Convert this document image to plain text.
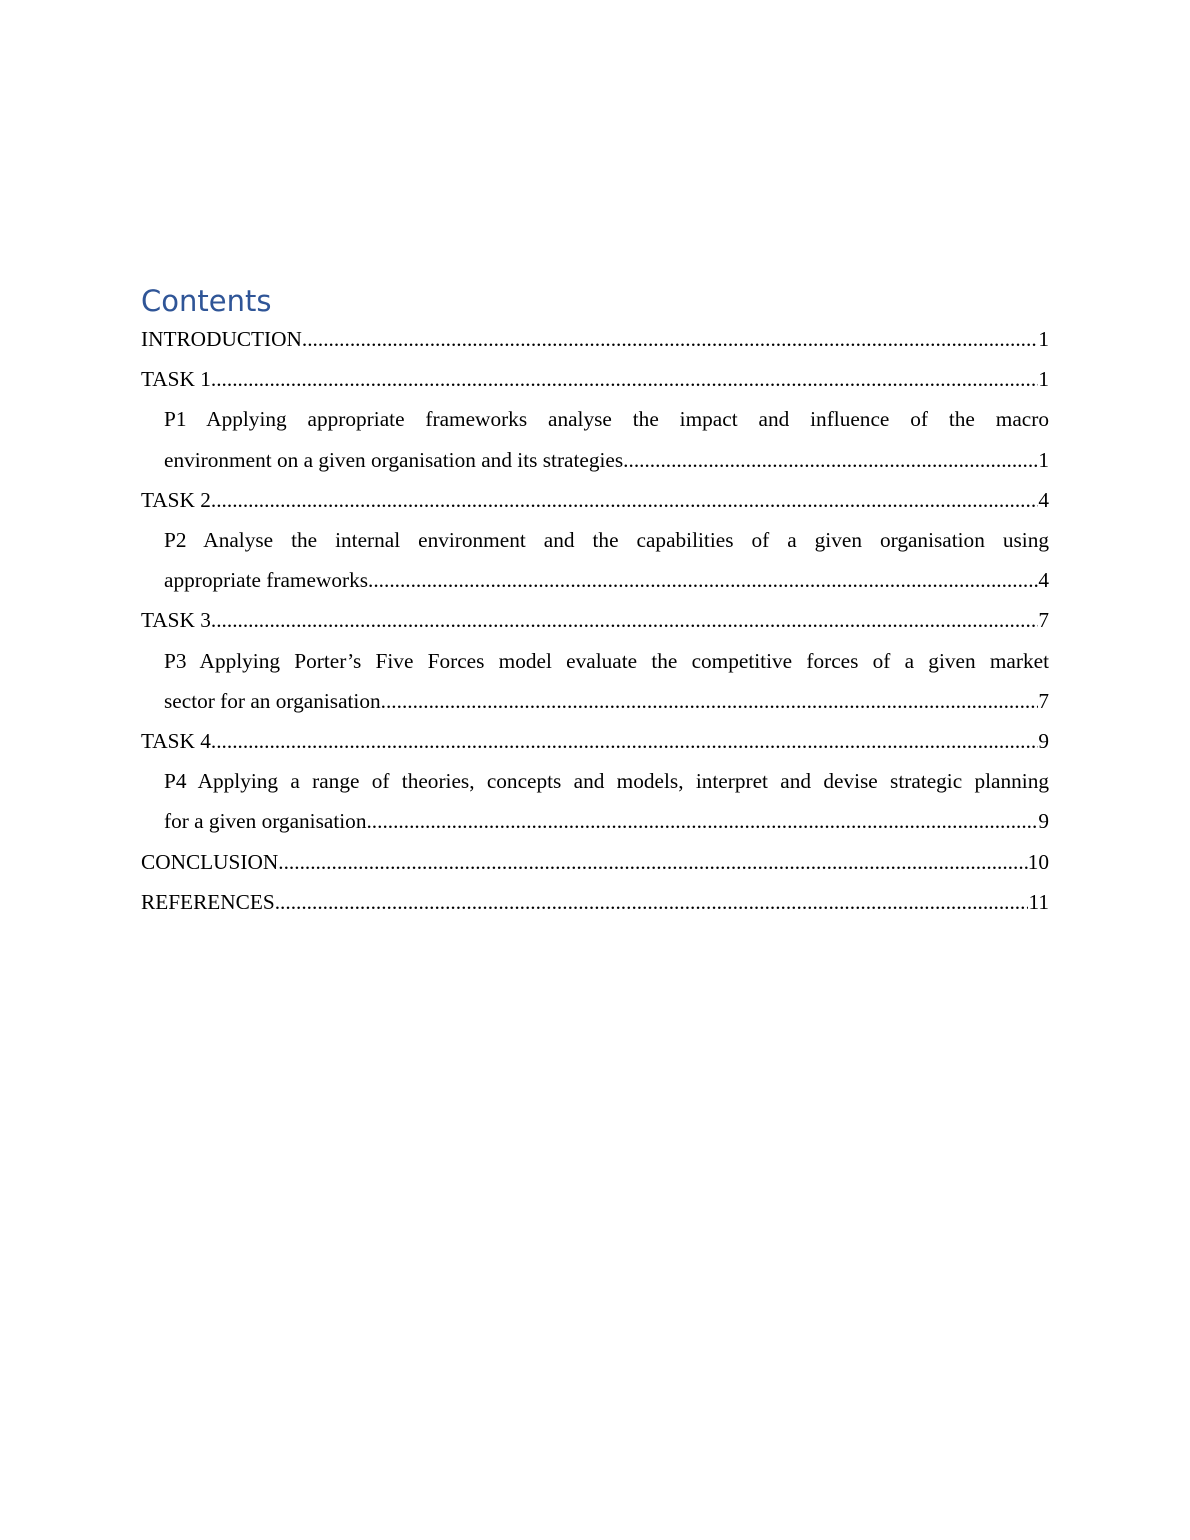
Contents
INTRODUCTION .....	1
TASK 1 .....	1
P1 Applying appropriate frameworks analyse the impact and influence of the macro
environment on a given organisation and its strategies .....	1
TASK 2 .....	4
P2 Analyse the internal environment and the capabilities of a given organisation using
appropriate frameworks .....	4
TASK 3 .....	7
P3 Applying Porter’s Five Forces model evaluate the competitive forces of a given market
sector for an organisation .....	7
TASK 4 .....	9
P4 Applying a range of theories, concepts and models, interpret and devise strategic planning
for a given organisation .....	9
CONCLUSION .....	10
REFERENCES .....	11
